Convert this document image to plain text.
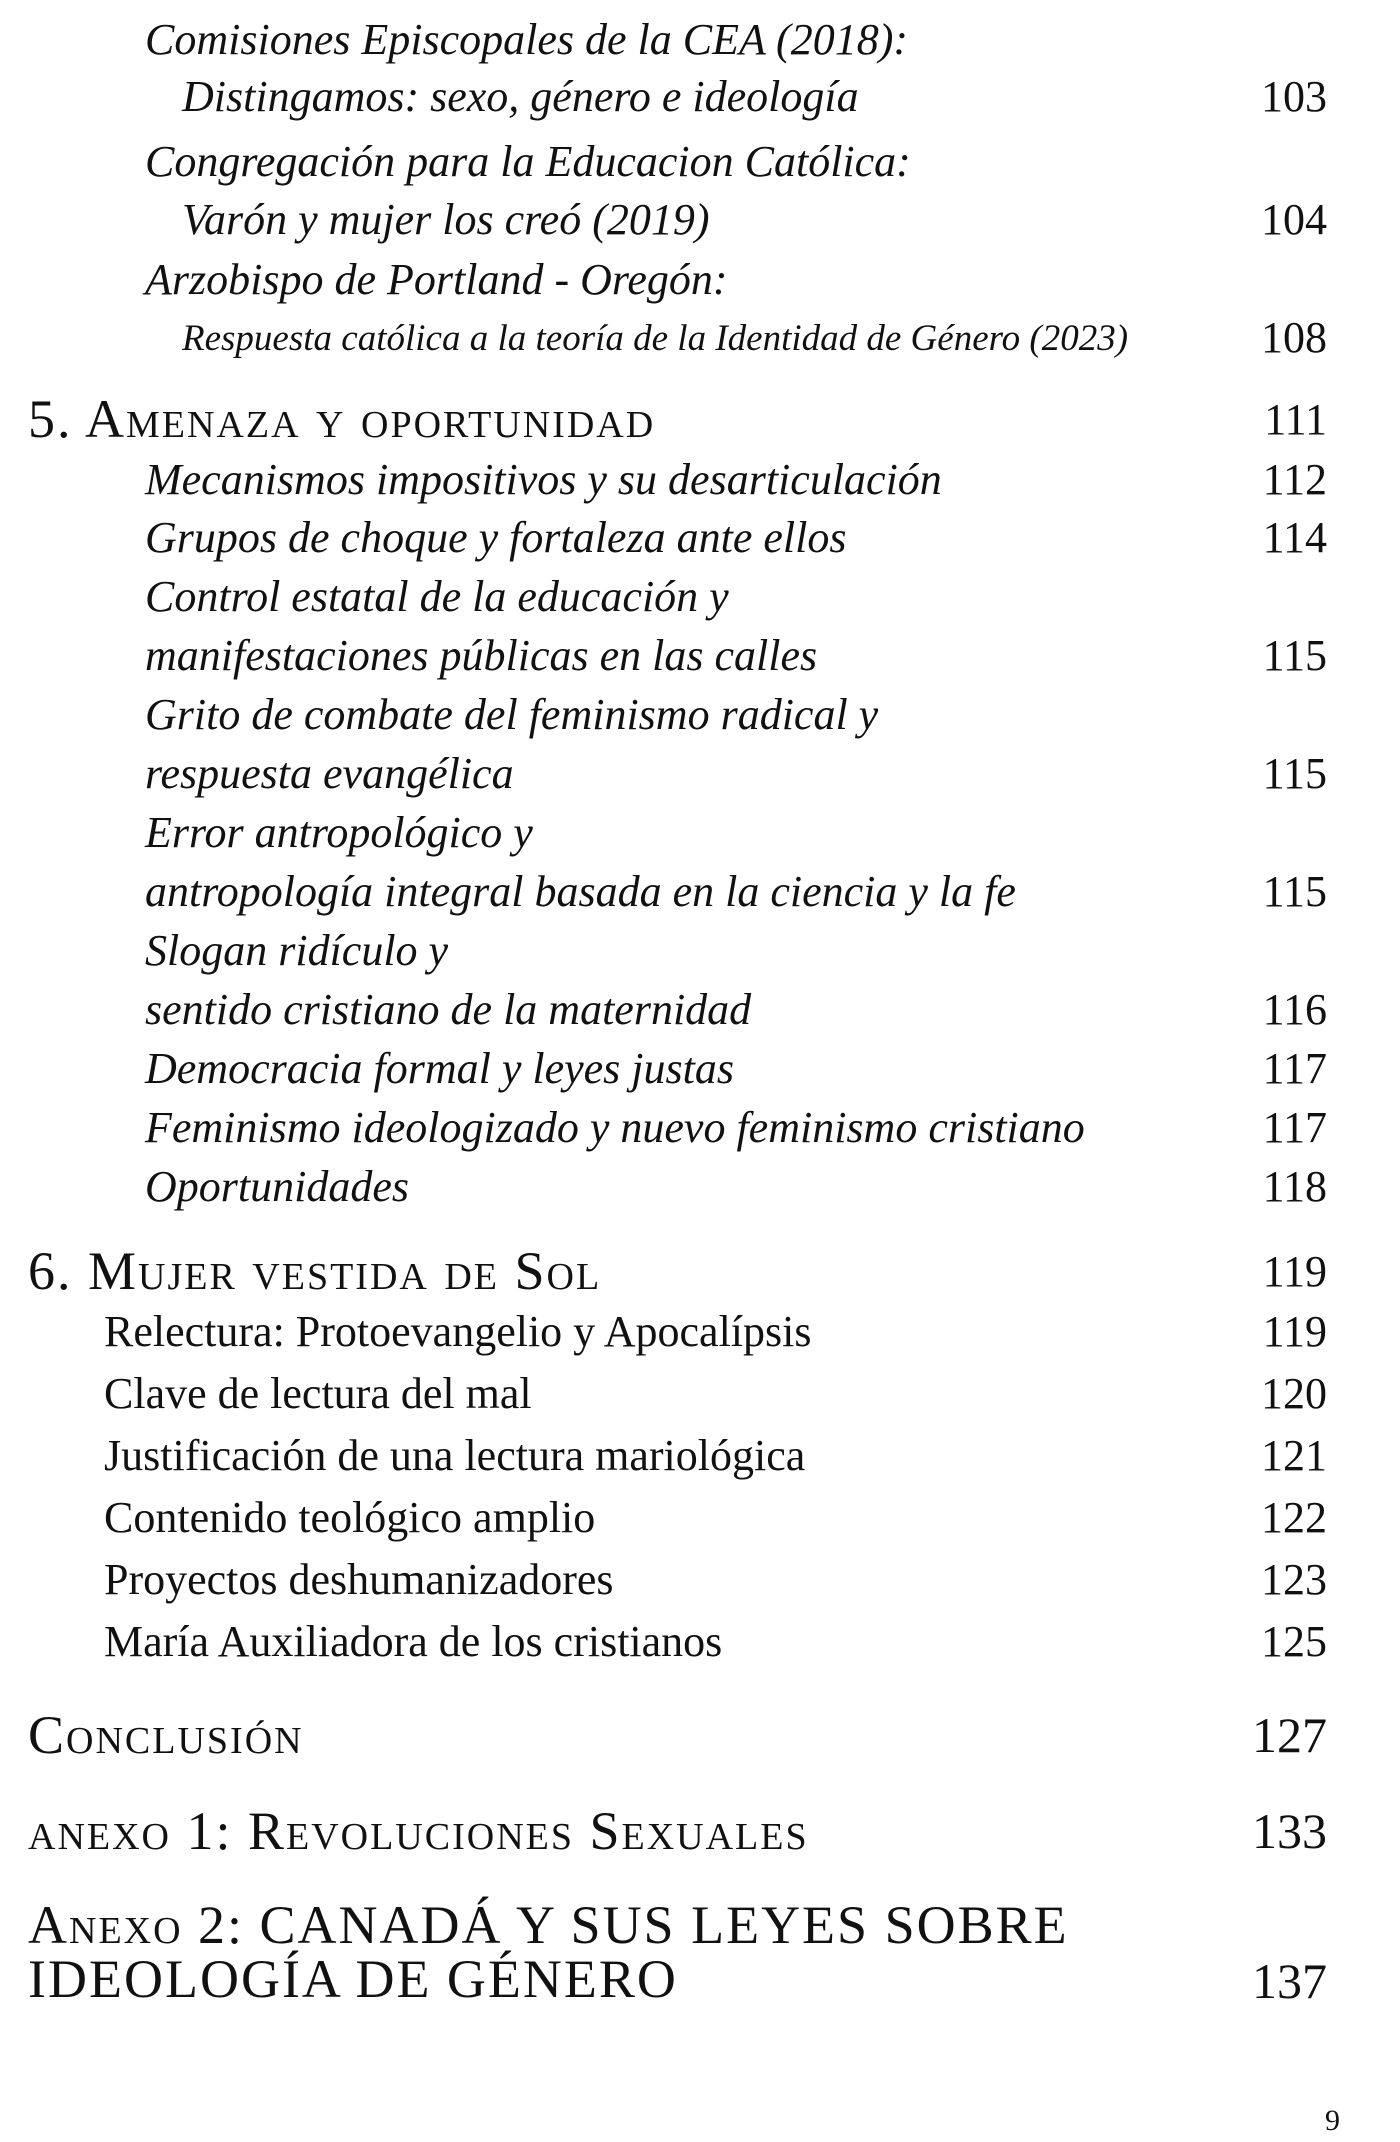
Comisiones Episcopales de la CEA (2018):
Distingamos: sexo, género e ideología	103
Congregación para la Educacion Católica:
Varón y mujer los creó (2019)	104
Arzobispo de Portland - Oregón:
Respuesta católica a la teoría de la Identidad de Género (2023)	108
5. Amenaza y oportunidad	111
Mecanismos impositivos y su desarticulación	112
Grupos de choque y fortaleza ante ellos	114
Control estatal de la educación y
manifestaciones públicas en las calles	115
Grito de combate del feminismo radical y
respuesta evangélica	115
Error antropológico y
antropología integral basada en la ciencia y la fe	115
Slogan ridículo y
sentido cristiano de la maternidad	116
Democracia formal y leyes justas	117
Feminismo ideologizado y nuevo feminismo cristiano	117
Oportunidades	118
6. Mujer vestida de Sol	119
Relectura: Protoevangelio y Apocalípsis	119
Clave de lectura del mal	120
Justificación de una lectura mariológica	121
Contenido teológico amplio	122
Proyectos deshumanizadores	123
María Auxiliadora de los cristianos	125
Conclusión	127
anexo 1: Revoluciones Sexuales	133
Anexo 2: CANADÁ Y SUS LEYES SOBRE
IDEOLOGÍA DE GÉNERO	137
9
